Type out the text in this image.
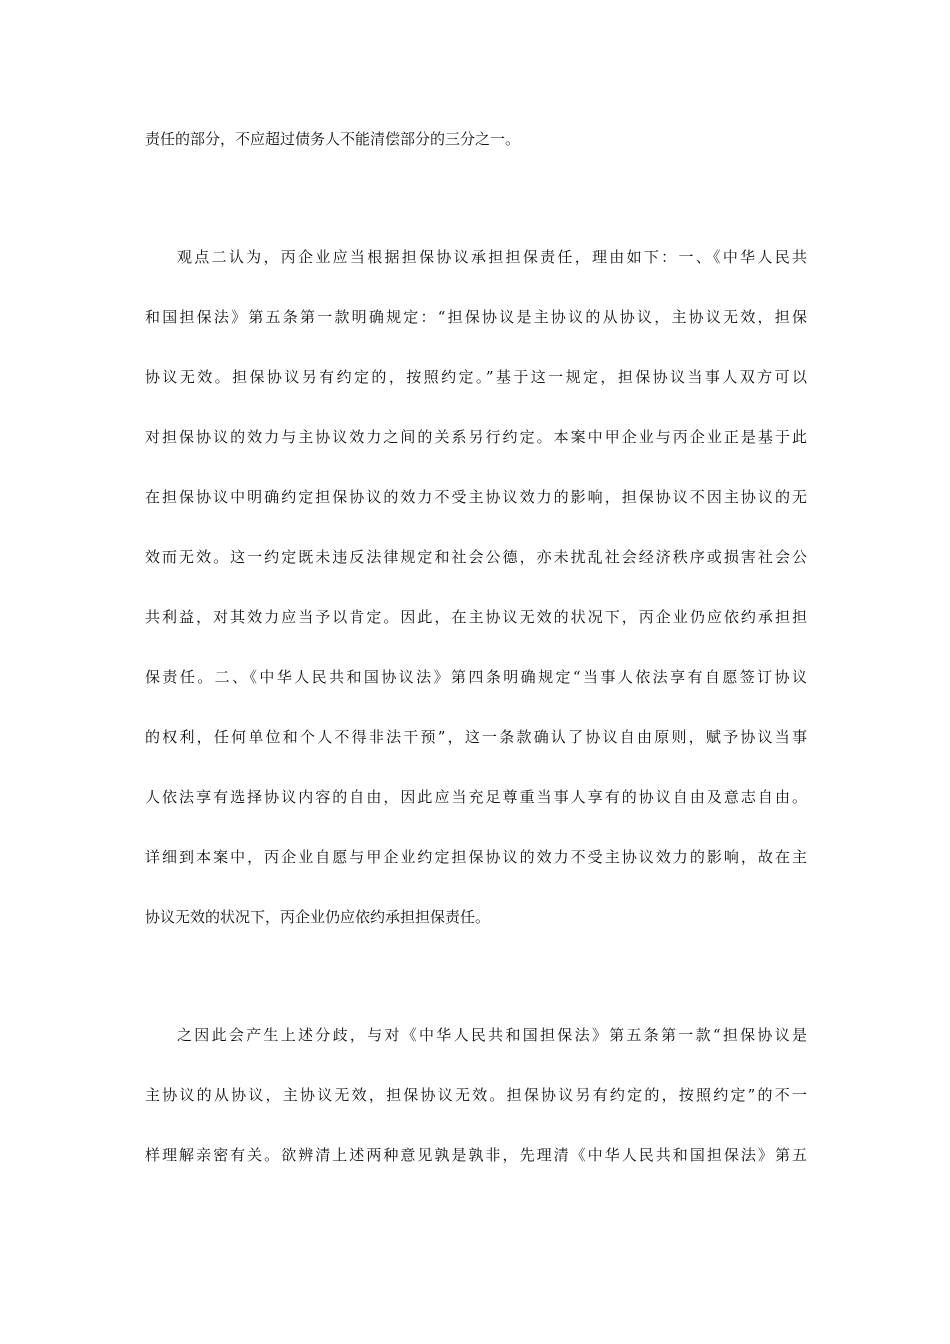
责任的部分，不应超过债务人不能清偿部分的三分之一。
观点二认为，丙企业应当根据担保协议承担担保责任，理由如下：一、《中华人民共
和国担保法》第五条第一款明确规定：“担保协议是主协议的从协议，主协议无效，担保
协议无效。担保协议另有约定的，按照约定。”基于这一规定，担保协议当事人双方可以
对担保协议的效力与主协议效力之间的关系另行约定。本案中甲企业与丙企业正是基于此
在担保协议中明确约定担保协议的效力不受主协议效力的影响，担保协议不因主协议的无
效而无效。这一约定既未违反法律规定和社会公德，亦未扰乱社会经济秩序或损害社会公
共利益，对其效力应当予以肯定。因此，在主协议无效的状况下，丙企业仍应依约承担担
保责任。二、《中华人民共和国协议法》第四条明确规定“当事人依法享有自愿签订协议
的权利，任何单位和个人不得非法干预”，这一条款确认了协议自由原则，赋予协议当事
人依法享有选择协议内容的自由，因此应当充足尊重当事人享有的协议自由及意志自由。
详细到本案中，丙企业自愿与甲企业约定担保协议的效力不受主协议效力的影响，故在主
协议无效的状况下，丙企业仍应依约承担担保责任。
之因此会产生上述分歧，与对《中华人民共和国担保法》第五条第一款“担保协议是
主协议的从协议，主协议无效，担保协议无效。担保协议另有约定的，按照约定”的不一
样理解亲密有关。欲辨清上述两种意见孰是孰非，先理清《中华人民共和国担保法》第五
